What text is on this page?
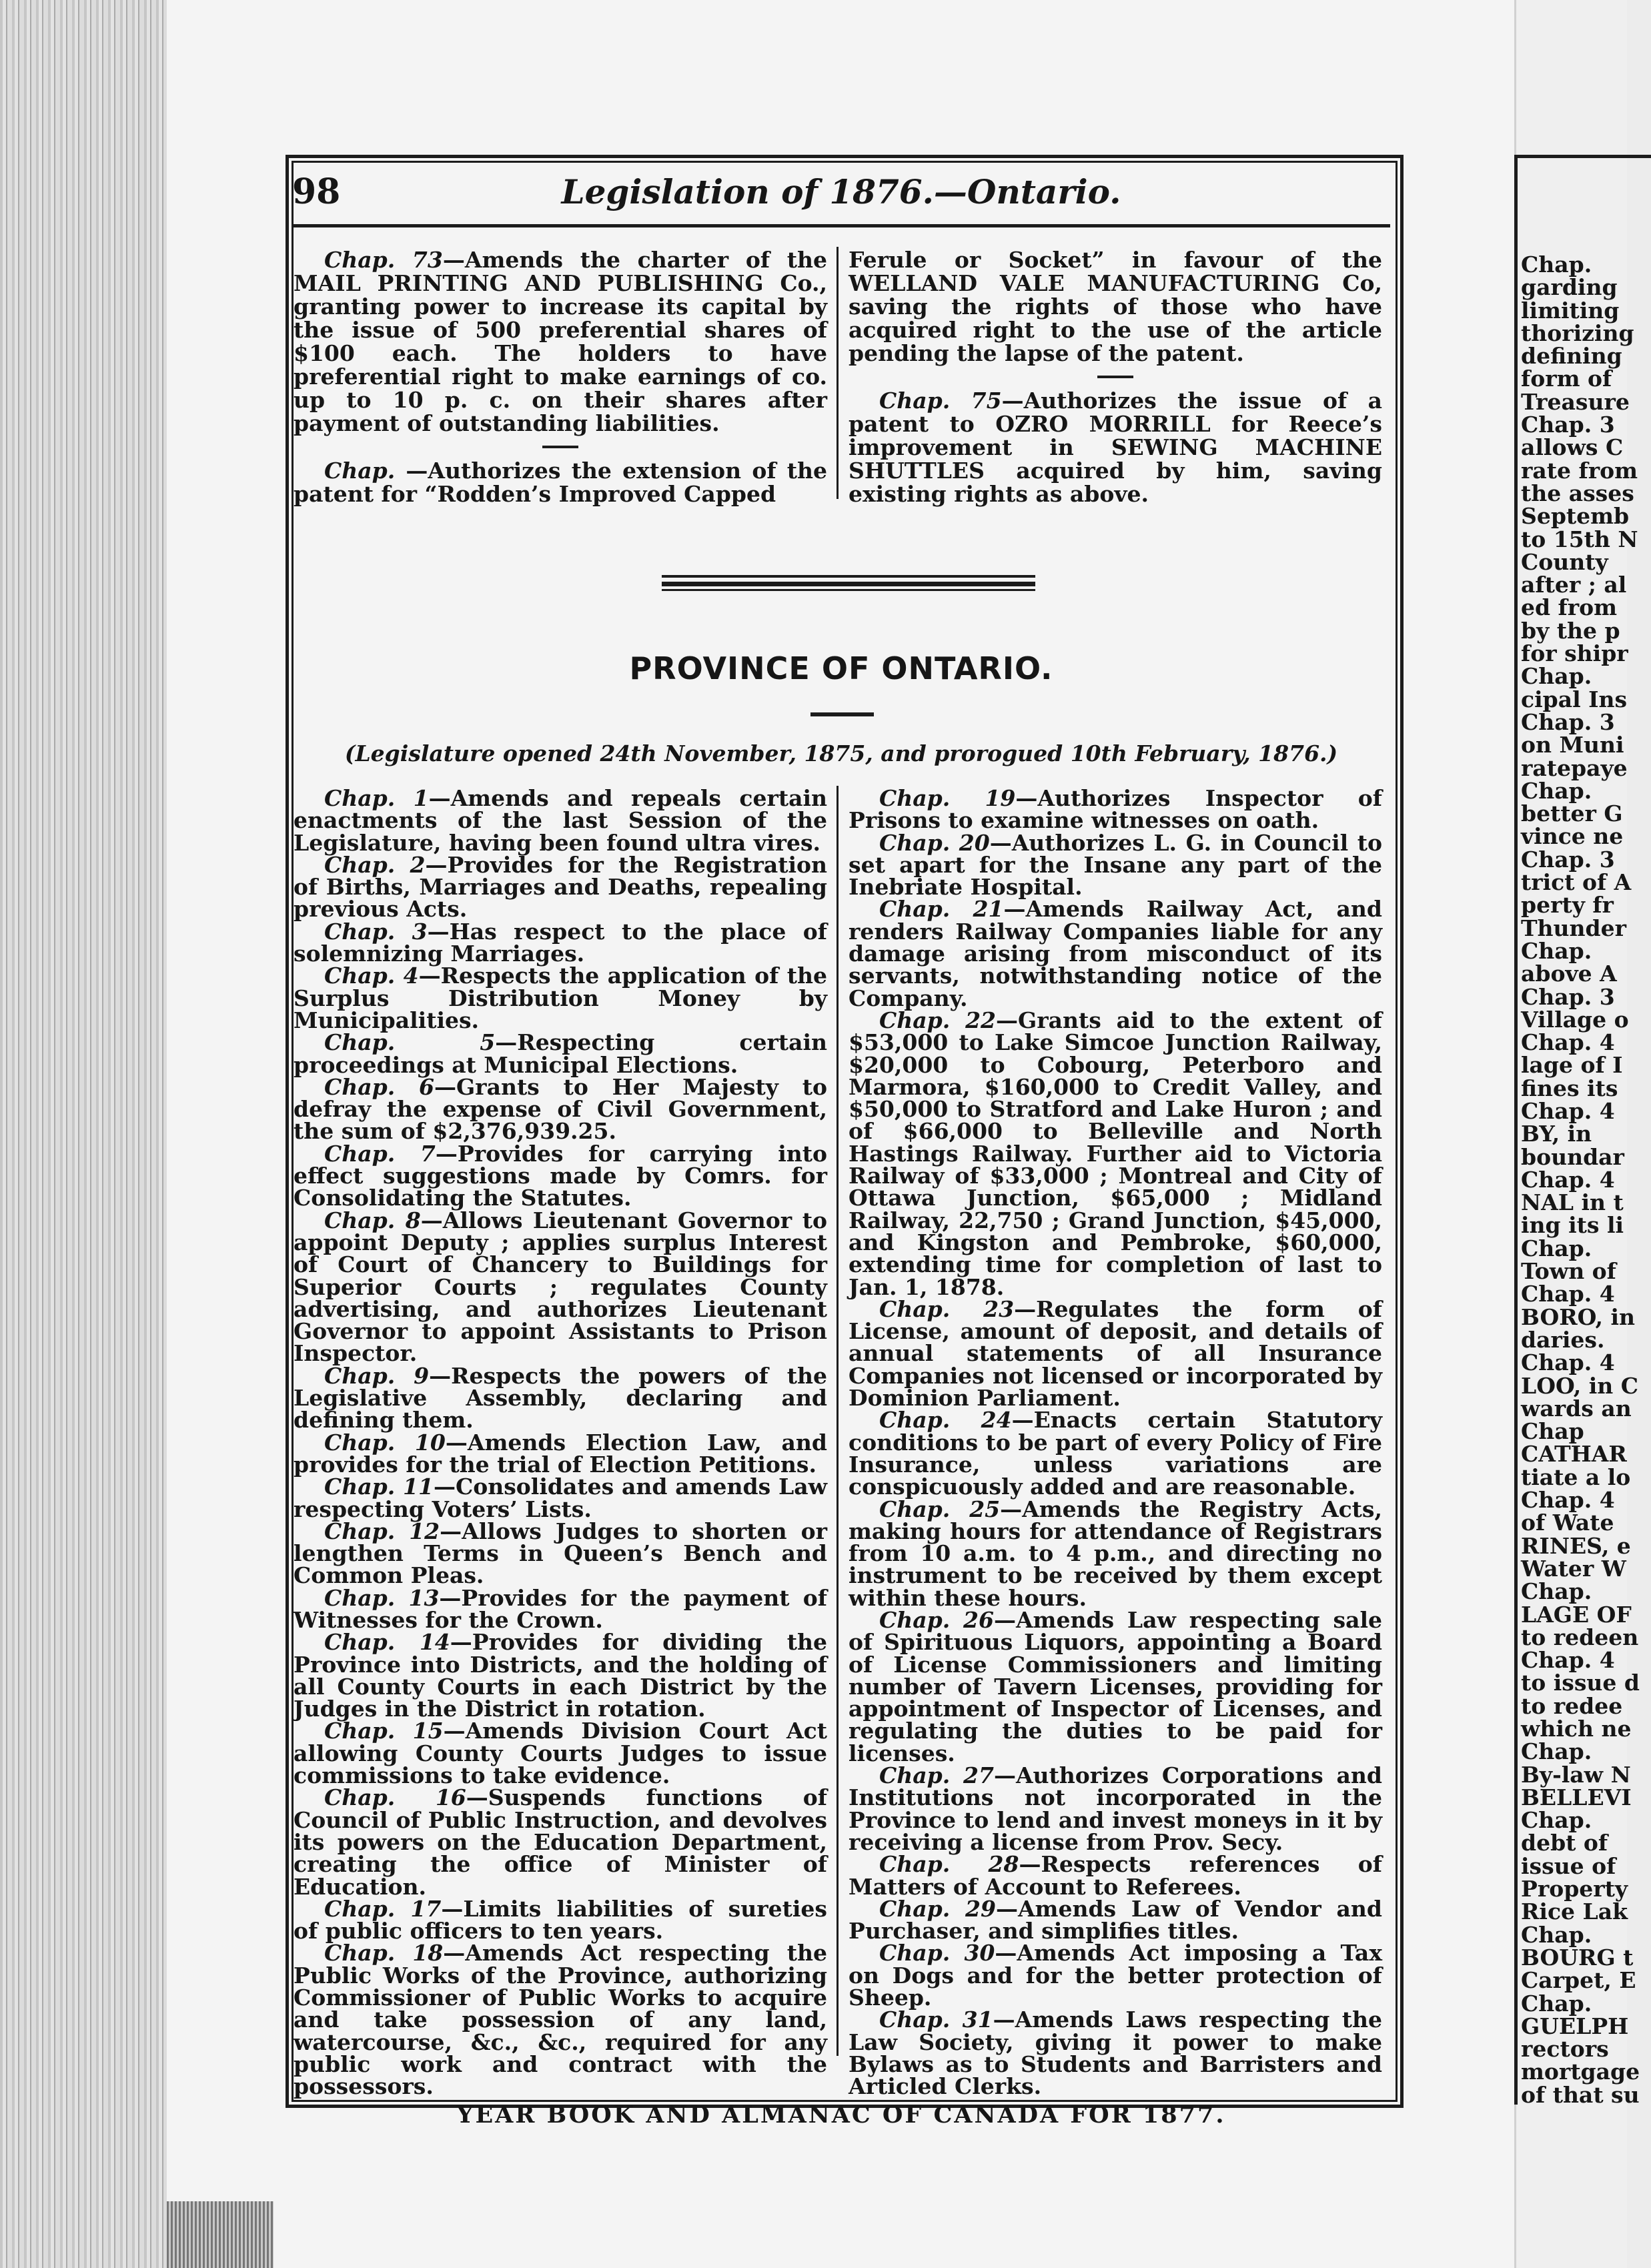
98	Legislation of 1876.—Ontario.

Chap. 73—Amends the charter of the MAIL PRINTING AND PUBLISHING Co., granting power to increase its capital by the issue of 500 preferential shares of $100 each. The holders to have preferential right to make earnings of co. up to 10 p. c. on their shares after payment of outstanding liabilities.

Chap. —Authorizes the extension of the patent for “Rodden’s Improved Capped

Ferule or Socket” in favour of the WELLAND VALE MANUFACTURING Co, saving the rights of those who have acquired right to the use of the article pending the lapse of the patent.

Chap. 75—Authorizes the issue of a patent to OZRO MORRILL for Reece’s improvement in SEWING MACHINE SHUTTLES acquired by him, saving existing rights as above.

PROVINCE OF ONTARIO.
(Legislature opened 24th November, 1875, and prorogued 10th February, 1876.)

Chap. 1—Amends and repeals certain enactments of the last Session of the Legislature, having been found ultra vires.

Chap. 2—Provides for the Registration of Births, Marriages and Deaths, repealing previous Acts.

Chap. 3—Has respect to the place of solemnizing Marriages.

Chap. 4—Respects the application of the Surplus Distribution Money by Municipalities.

Chap. 5—Respecting certain proceedings at Municipal Elections.

Chap. 6—Grants to Her Majesty to defray the expense of Civil Government, the sum of $2,376,939.25.

Chap. 7—Provides for carrying into effect suggestions made by Comrs. for Consolidating the Statutes.

Chap. 8—Allows Lieutenant Governor to appoint Deputy ; applies surplus Interest of Court of Chancery to Buildings for Superior Courts ; regulates County advertising, and authorizes Lieutenant Governor to appoint Assistants to Prison Inspector.

Chap. 9—Respects the powers of the Legislative Assembly, declaring and defining them.

Chap. 10—Amends Election Law, and provides for the trial of Election Petitions.

Chap. 11—Consolidates and amends Law respecting Voters’ Lists.

Chap. 12—Allows Judges to shorten or lengthen Terms in Queen’s Bench and Common Pleas.

Chap. 13—Provides for the payment of Witnesses for the Crown.

Chap. 14—Provides for dividing the Province into Districts, and the holding of all County Courts in each District by the Judges in the District in rotation.

Chap. 15—Amends Division Court Act allowing County Courts Judges to issue commissions to take evidence.

Chap. 16—Suspends functions of Council of Public Instruction, and devolves its powers on the Education Department, creating the office of Minister of Education.

Chap. 17—Limits liabilities of sureties of public officers to ten years.

Chap. 18—Amends Act respecting the Public Works of the Province, authorizing Commissioner of Public Works to acquire and take possession of any land, watercourse, &c., &c., required for any public work and contract with the possessors.

Chap. 19—Authorizes Inspector of Prisons to examine witnesses on oath.

Chap. 20—Authorizes L. G. in Council to set apart for the Insane any part of the Inebriate Hospital.

Chap. 21—Amends Railway Act, and renders Railway Companies liable for any damage arising from misconduct of its servants, notwithstanding notice of the Company.

Chap. 22—Grants aid to the extent of $53,000 to Lake Simcoe Junction Railway, $20,000 to Cobourg, Peterboro and Marmora, $160,000 to Credit Valley, and $50,000 to Stratford and Lake Huron ; and of $66,000 to Belleville and North Hastings Railway. Further aid to Victoria Railway of $33,000 ; Montreal and City of Ottawa Junction, $65,000 ; Midland Railway, 22,750 ; Grand Junction, $45,000, and Kingston and Pembroke, $60,000, extending time for completion of last to Jan. 1, 1878.

Chap. 23—Regulates the form of License, amount of deposit, and details of annual statements of all Insurance Companies not licensed or incorporated by Dominion Parliament.

Chap. 24—Enacts certain Statutory conditions to be part of every Policy of Fire Insurance, unless variations are conspicuously added and are reasonable.

Chap. 25—Amends the Registry Acts, making hours for attendance of Registrars from 10 a.m. to 4 p.m., and directing no instrument to be received by them except within these hours.

Chap. 26—Amends Law respecting sale of Spirituous Liquors, appointing a Board of License Commissioners and limiting number of Tavern Licenses, providing for appointment of Inspector of Licenses, and regulating the duties to be paid for licenses.

Chap. 27—Authorizes Corporations and Institutions not incorporated in the Province to lend and invest moneys in it by receiving a license from Prov. Secy.

Chap. 28—Respects references of Matters of Account to Referees.

Chap. 29—Amends Law of Vendor and Purchaser, and simplifies titles.

Chap. 30—Amends Act imposing a Tax on Dogs and for the better protection of Sheep.

Chap. 31—Amends Laws respecting the Law Society, giving it power to make Bylaws as to Students and Barristers and Articled Clerks.

YEAR BOOK AND ALMANAC OF CANADA FOR 1877.
Chap.
garding
limiting
thorizing
defining
form of
Treasure
Chap. 3
allows C
rate from
the asses
Septemb
to 15th N
County
after ; al
ed from
by the p
for shipr
Chap.
cipal Ins
Chap. 3
on Muni
ratepaye
Chap.
better G
vince ne
Chap. 3
trict of A
perty fr
Thunder
Chap.
above A
Chap. 3
Village o
Chap. 4
lage of I
fines its
Chap. 4
BY, in
boundar
Chap. 4
NAL in t
ing its li
Chap.
Town of
Chap. 4
BORO, in
daries.
Chap. 4
LOO, in C
wards an
Chap
CATHAR
tiate a lo
Chap. 4
of Wate
RINES, e
Water W
Chap.
LAGE OF
to redeen
Chap. 4
to issue d
to redee
which ne
Chap.
By-law N
BELLEVI
Chap.
debt of
issue of
Property
Rice Lak
Chap.
BOURG t
Carpet, E
Chap.
GUELPH
rectors
mortgage
of that su
